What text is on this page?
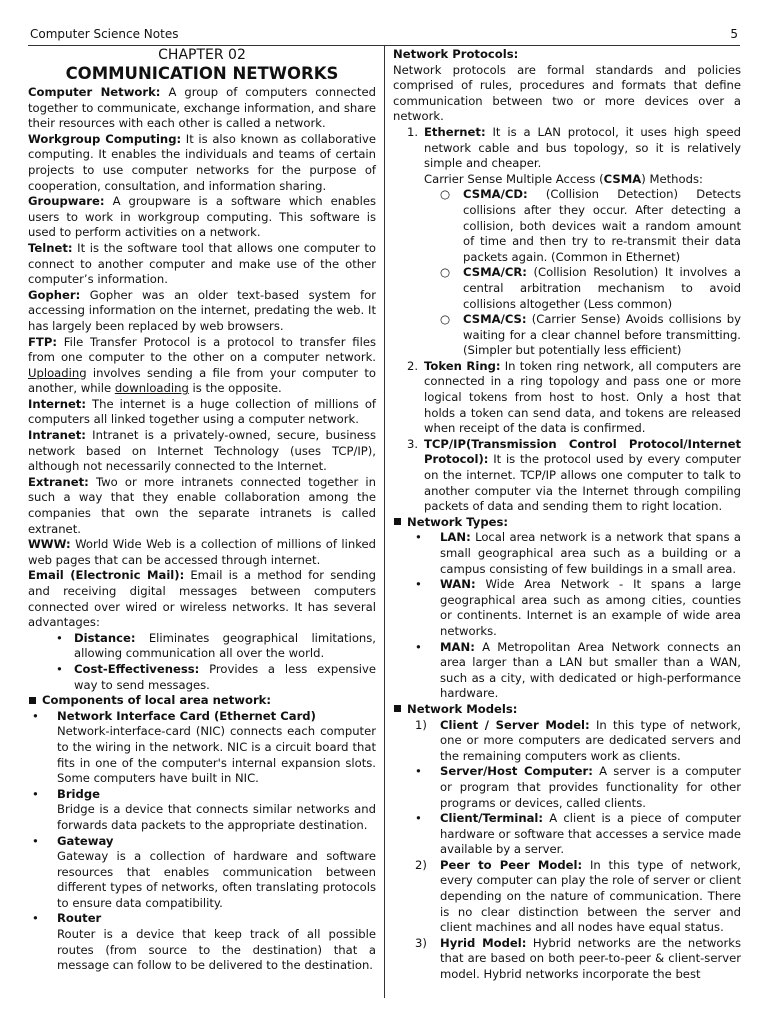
Computer Science Notes	5

CHAPTER 02

COMMUNICATION NETWORKS

Computer Network: A group of computers connected together to communicate, exchange information, and share their resources with each other is called a network.

Workgroup Computing: It is also known as collaborative computing. It enables the individuals and teams of certain projects to use computer networks for the purpose of cooperation, consultation, and information sharing.

Groupware: A groupware is a software which enables users to work in workgroup computing. This software is used to perform activities on a network.

Telnet: It is the software tool that allows one computer to connect to another computer and make use of the other computer’s information.

Gopher: Gopher was an older text-based system for accessing information on the internet, predating the web. It has largely been replaced by web browsers.

FTP: File Transfer Protocol is a protocol to transfer files from one computer to the other on a computer network. Uploading involves sending a file from your computer to another, while downloading is the opposite.

Internet: The internet is a huge collection of millions of computers all linked together using a computer network.

Intranet: Intranet is a privately-owned, secure, business network based on Internet Technology (uses TCP/IP), although not necessarily connected to the Internet.

Extranet: Two or more intranets connected together in such a way that they enable collaboration among the companies that own the separate intranets is called extranet.

WWW: World Wide Web is a collection of millions of linked web pages that can be accessed through internet.

Email (Electronic Mail): Email is a method for sending and receiving digital messages between computers connected over wired or wireless networks. It has several advantages:

• Distance: Eliminates geographical limitations, allowing communication all over the world.
• Cost-Effectiveness: Provides a less expensive way to send messages.

Components of local area network:

•	Network Interface Card (Ethernet Card)

Network-interface-card (NIC) connects each computer to the wiring in the network. NIC is a circuit board that fits in one of the computer's internal expansion slots. Some computers have built in NIC.

•	Bridge

Bridge is a device that connects similar networks and forwards data packets to the appropriate destination.

•	Gateway

Gateway is a collection of hardware and software resources that enables communication between different types of networks, often translating protocols to ensure data compatibility.

•	Router

Router is a device that keep track of all possible routes (from source to the destination) that a message can follow to be delivered to the destination.

Network Protocols:

Network protocols are formal standards and policies comprised of rules, procedures and formats that define communication between two or more devices over a network.

1. Ethernet: It is a LAN protocol, it uses high speed network cable and bus topology, so it is relatively simple and cheaper.

Carrier Sense Multiple Access (CSMA) Methods:

○	CSMA/CD: (Collision Detection) Detects collisions after they occur. After detecting a collision, both devices wait a random amount of time and then try to re-transmit their data packets again. (Common in Ethernet)
○	CSMA/CR: (Collision Resolution) It involves a central arbitration mechanism to avoid collisions altogether (Less common)
○	CSMA/CS: (Carrier Sense) Avoids collisions by waiting for a clear channel before transmitting. (Simpler but potentially less efficient)
2. Token Ring: In token ring network, all computers are connected in a ring topology and pass one or more logical tokens from host to host. Only a host that holds a token can send data, and tokens are released when receipt of the data is confirmed.
3. TCP/IP(Transmission Control Protocol/Internet Protocol): It is the protocol used by every computer on the internet. TCP/IP allows one computer to talk to another computer via the Internet through compiling packets of data and sending them to right location.

Network Types:

•	LAN: Local area network is a network that spans a small geographical area such as a building or a campus consisting of few buildings in a small area.
•	WAN: Wide Area Network - It spans a large geographical area such as among cities, counties or continents. Internet is an example of wide area networks.
•	MAN: A Metropolitan Area Network connects an area larger than a LAN but smaller than a WAN, such as a city, with dedicated or high-performance hardware.

Network Models:

1)	Client / Server Model: In this type of network, one or more computers are dedicated servers and the remaining computers work as clients.
•	Server/Host Computer: A server is a computer or program that provides functionality for other programs or devices, called clients.
•	Client/Terminal: A client is a piece of computer hardware or software that accesses a service made available by a server.
2)	Peer to Peer Model: In this type of network, every computer can play the role of server or client depending on the nature of communication. There is no clear distinction between the server and client machines and all nodes have equal status.
3)	Hyrid Model: Hybrid networks are the networks that are based on both peer-to-peer & client-server model. Hybrid networks incorporate the best
